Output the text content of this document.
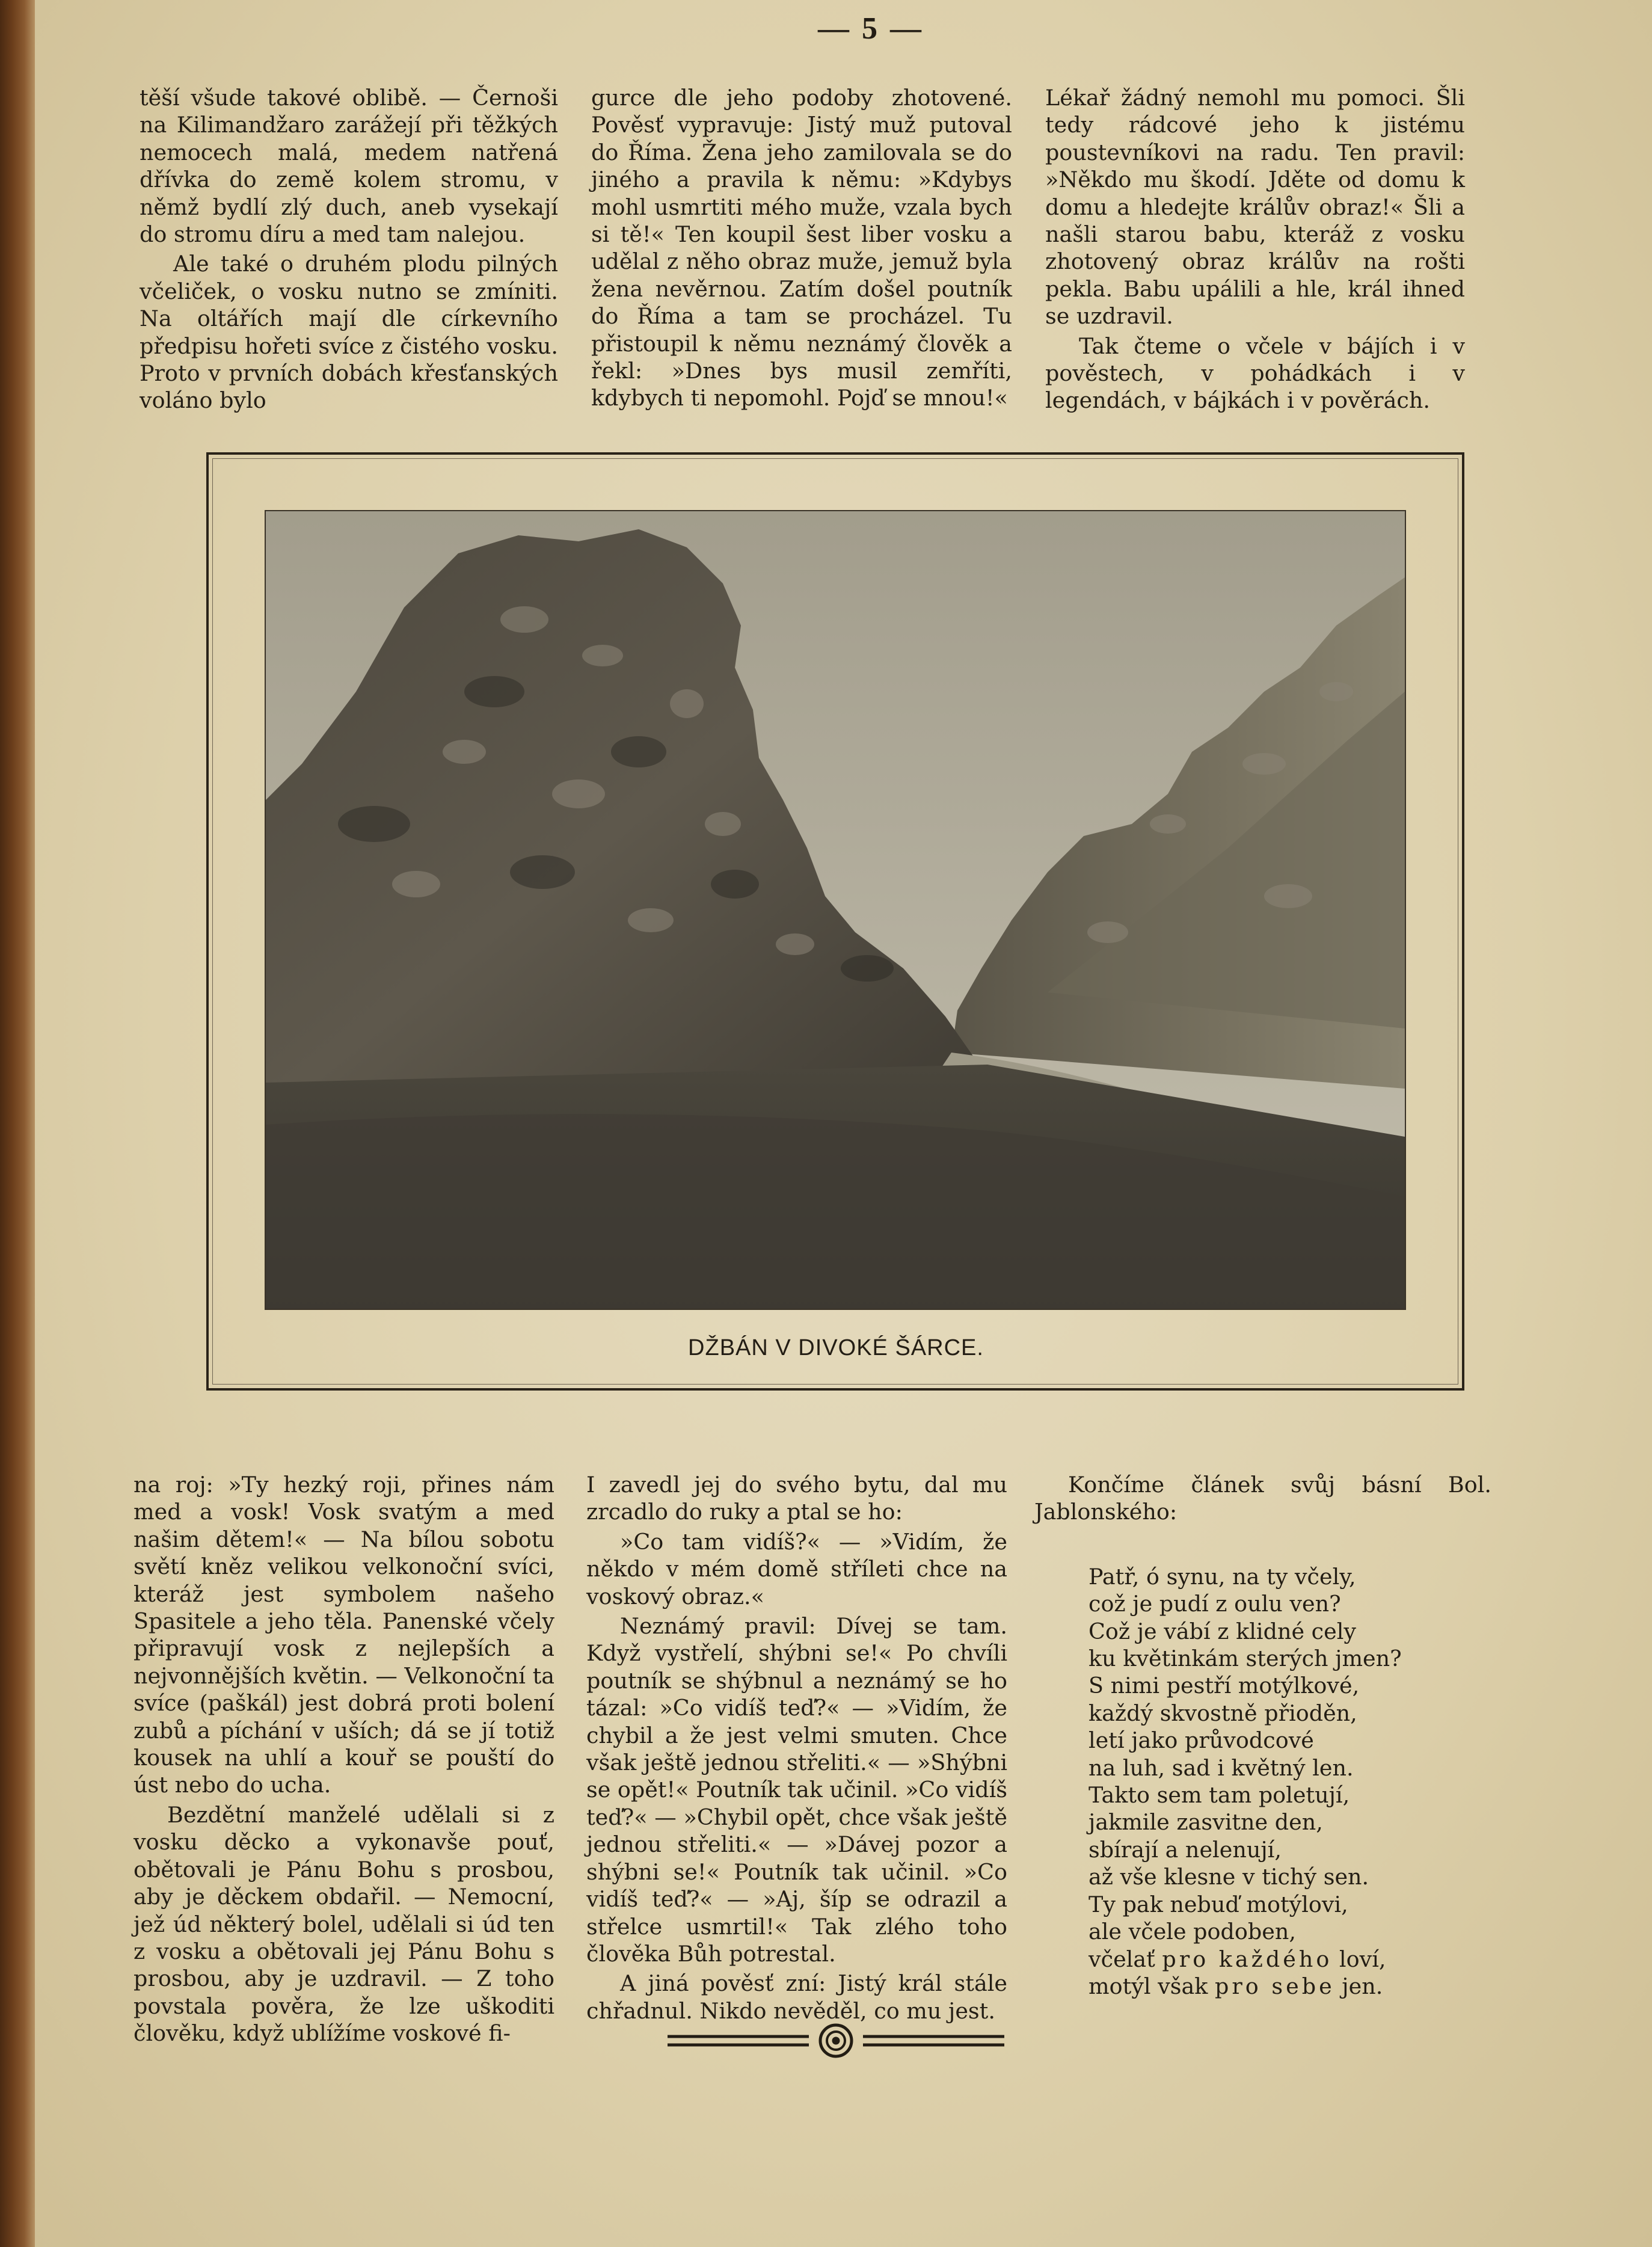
— 5 —

těší všude takové oblibě. — Černoši na Kilimandžaro zarážejí při těžkých nemocech malá, medem natřená dřívka do země kolem stromu, v němž bydlí zlý duch, aneb vysekají do stromu díru a med tam nalejou.

Ale také o druhém plodu pilných včeliček, o vosku nutno se zmíniti. Na oltářích mají dle církevního předpisu hořeti svíce z čistého vosku. Proto v prvních dobách křesťanských voláno bylo

gurce dle jeho podoby zhotovené. Pověsť vypravuje: Jistý muž putoval do Říma. Žena jeho zamilovala se do jiného a pravila k němu: »Kdybys mohl usmrtiti mého muže, vzala bych si tě!« Ten koupil šest liber vosku a udělal z něho obraz muže, jemuž byla žena nevěrnou. Zatím došel poutník do Říma a tam se procházel. Tu přistoupil k němu neznámý člověk a řekl: »Dnes bys musil zemříti, kdybych ti nepomohl. Pojď se mnou!«

Lékař žádný nemohl mu pomoci. Šli tedy rádcové jeho k jistému poustevníkovi na radu. Ten pravil: »Někdo mu škodí. Jděte od domu k domu a hledejte králův obraz!« Šli a našli starou babu, kteráž z vosku zhotovený obraz králův na rošti pekla. Babu upálili a hle, král ihned se uzdravil.

Tak čteme o včele v bájích i v pověstech, v pohádkách i v legendách, v bájkách i v pověrách.

DŽBÁN V DIVOKÉ ŠÁRCE.

na roj: »Ty hezký roji, přines nám med a vosk! Vosk svatým a med našim dětem!« — Na bílou sobotu světí kněz velikou velkonoční svíci, kteráž jest symbolem našeho Spasitele a jeho těla. Panenské včely připravují vosk z nejlepších a nejvonnějších květin. — Velkonoční ta svíce (paškál) jest dobrá proti bolení zubů a píchání v uších; dá se jí totiž kousek na uhlí a kouř se pouští do úst nebo do ucha.

Bezdětní manželé udělali si z vosku děcko a vykonavše pouť, obětovali je Pánu Bohu s prosbou, aby je děckem obdařil. — Nemocní, jež úd některý bolel, udělali si úd ten z vosku a obětovali jej Pánu Bohu s prosbou, aby je uzdravil. — Z toho povstala pověra, že lze uškoditi člověku, když ublížíme voskové fi-

I zavedl jej do svého bytu, dal mu zrcadlo do ruky a ptal se ho:

»Co tam vidíš?« — »Vidím, že někdo v mém domě stříleti chce na voskový obraz.«

Neznámý pravil: Dívej se tam. Když vystřelí, shýbni se!« Po chvíli poutník se shýbnul a neznámý se ho tázal: »Co vidíš teď?« — »Vidím, že chybil a že jest velmi smuten. Chce však ještě jednou střeliti.« — »Shýbni se opět!« Poutník tak učinil. »Co vidíš teď?« — »Chybil opět, chce však ještě jednou střeliti.« — »Dávej pozor a shýbni se!« Poutník tak učinil. »Co vidíš teď?« — »Aj, šíp se odrazil a střelce usmrtil!« Tak zlého toho člověka Bůh potrestal.

A jiná pověsť zní: Jistý král stále chřadnul. Nikdo nevěděl, co mu jest.

Končíme článek svůj básní Bol. Jablonského:

Patř, ó synu, na ty včely,
což je pudí z oulu ven?
Což je vábí z klidné cely
ku květinkám sterých jmen?
S nimi pestří motýlkové,
každý skvostně přioděn,
letí jako průvodcové
na luh, sad i květný len.
Takto sem tam poletují,
jakmile zasvitne den,
sbírají a nelenují,
až vše klesne v tichý sen.
Ty pak nebuď motýlovi,
ale včele podoben,
včelať pro každého loví,
motýl však pro sebe jen.
